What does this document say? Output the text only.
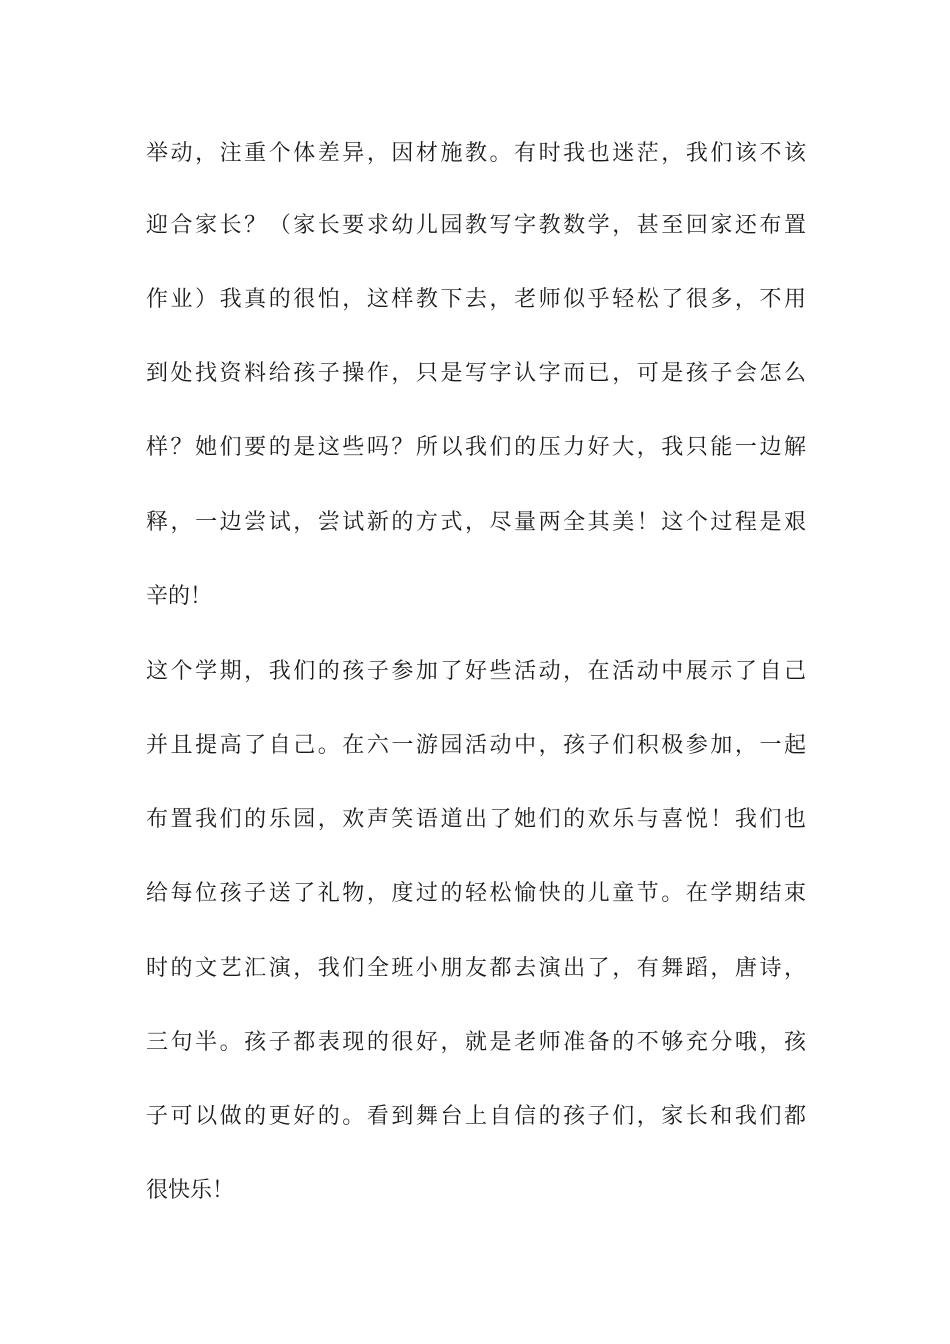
举动，注重个体差异，因材施教。有时我也迷茫，我们该不该
迎合家长？（家长要求幼儿园教写字教数学，甚至回家还布置
作业）我真的很怕，这样教下去，老师似乎轻松了很多，不用
到处找资料给孩子操作，只是写字认字而已，可是孩子会怎么
样？她们要的是这些吗？所以我们的压力好大，我只能一边解
释，一边尝试，尝试新的方式，尽量两全其美！这个过程是艰
辛的！
这个学期，我们的孩子参加了好些活动，在活动中展示了自己
并且提高了自己。在六一游园活动中，孩子们积极参加，一起
布置我们的乐园，欢声笑语道出了她们的欢乐与喜悦！我们也
给每位孩子送了礼物，度过的轻松愉快的儿童节。在学期结束
时的文艺汇演，我们全班小朋友都去演出了，有舞蹈，唐诗，
三句半。孩子都表现的很好，就是老师准备的不够充分哦，孩
子可以做的更好的。看到舞台上自信的孩子们，家长和我们都
很快乐！
